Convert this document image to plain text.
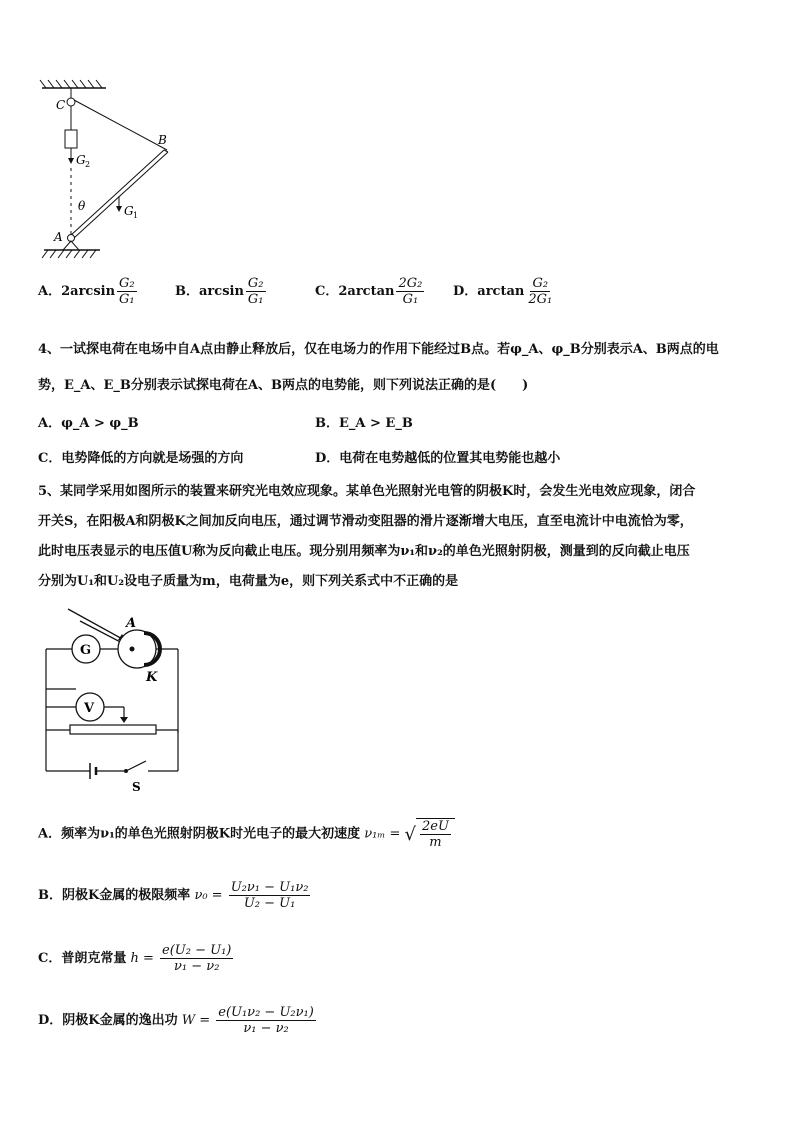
C
B
A
G 2
G 1
θ
A．$2\arcsin \frac{\text{G₂}}{\text{G₁}}$	B．$\arcsin \frac{\text{G₂}}{\text{G₁}}$	C．$2\arctan \frac{\text{2G₂}}{\text{G₁}}$ D．$\arctan \frac{\text{G₂}}{\text{2G₁}}$
4、一试探电荷在电场中自A点由静止释放后，仅在电场力的作用下能经过B点。若φ_A、φ_B分别表示A、B两点的电
势，E_A、E_B分别表示试探电荷在A、B两点的电势能，则下列说法正确的是(　　)
A．φ_A > φ_B	B．E_A > E_B
C．电势降低的方向就是场强的方向	D．电荷在电势越低的位置其电势能也越小
5、某同学采用如图所示的装置来研究光电效应现象。某单色光照射光电管的阴极K时，会发生光电效应现象，闭合
开关S，在阳极A和阴极K之间加反向电压，通过调节滑动变阻器的滑片逐渐增大电压，直至电流计中电流恰为零，
此时电压表显示的电压值U称为反向截止电压。现分别用频率为ν₁和ν₂的单色光照射阴极，测量到的反向截止电压
分别为U₁和U₂设电子质量为m，电荷量为e，则下列关系式中不正确的是
G
A
K
V
S
A．频率为ν₁的单色光照射阴极K时光电子的最大初速度 ν₁ₘ = √ $\frac{2eU}{m}$
B．阴极K金属的极限频率 $\nu_0 = \frac{\text{U₂ν₁ − U₁ν₂}}{\text{U₂ − U₁}}$
C．普朗克常量 $h = \frac{\text{e(U₂ − U₁)}}{\text{ν₁ − ν₂}}$
D．阴极K金属的逸出功 $W = \frac{\text{e(U₁ν₂ − U₂ν₁)}}{\text{ν₁ − ν₂}}$
